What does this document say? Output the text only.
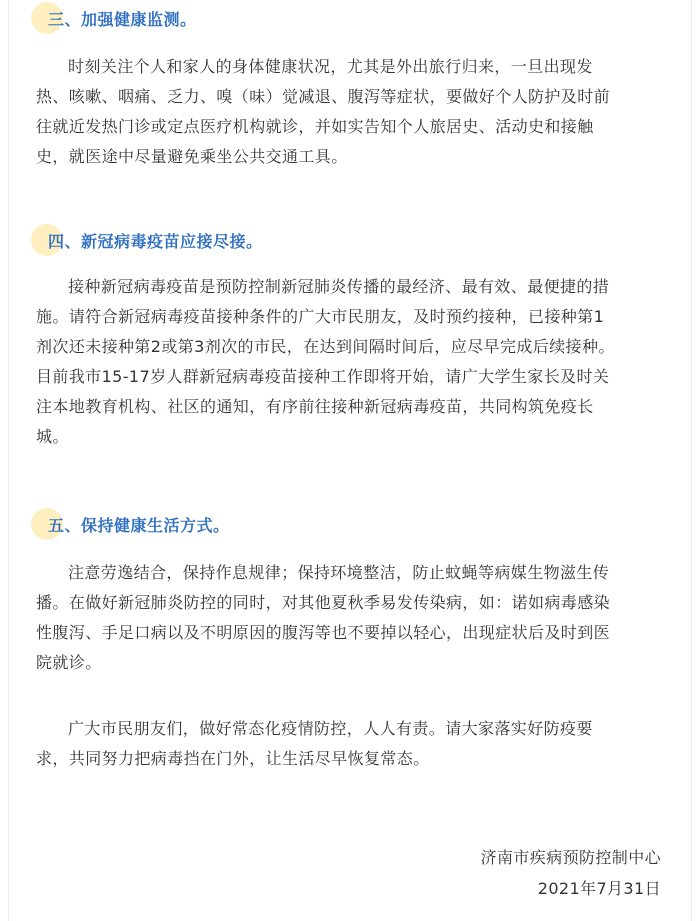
三、加强健康监测。

时刻关注个人和家人的身体健康状况，尤其是外出旅行归来，一旦出现发

热、咳嗽、咽痛、乏力、嗅（味）觉减退、腹泻等症状，要做好个人防护及时前

往就近发热门诊或定点医疗机构就诊，并如实告知个人旅居史、活动史和接触

史，就医途中尽量避免乘坐公共交通工具。

四、新冠病毒疫苗应接尽接。

接种新冠病毒疫苗是预防控制新冠肺炎传播的最经济、最有效、最便捷的措

施。请符合新冠病毒疫苗接种条件的广大市民朋友，及时预约接种，已接种第1

剂次还未接种第2或第3剂次的市民，在达到间隔时间后，应尽早完成后续接种。

目前我市15-17岁人群新冠病毒疫苗接种工作即将开始，请广大学生家长及时关

注本地教育机构、社区的通知，有序前往接种新冠病毒疫苗，共同构筑免疫长

城。

五、保持健康生活方式。

注意劳逸结合，保持作息规律；保持环境整洁，防止蚊蝇等病媒生物滋生传

播。在做好新冠肺炎防控的同时，对其他夏秋季易发传染病，如：诺如病毒感染

性腹泻、手足口病以及不明原因的腹泻等也不要掉以轻心，出现症状后及时到医

院就诊。

广大市民朋友们，做好常态化疫情防控，人人有责。请大家落实好防疫要

求，共同努力把病毒挡在门外，让生活尽早恢复常态。

济南市疾病预防控制中心
2021年7月31日
